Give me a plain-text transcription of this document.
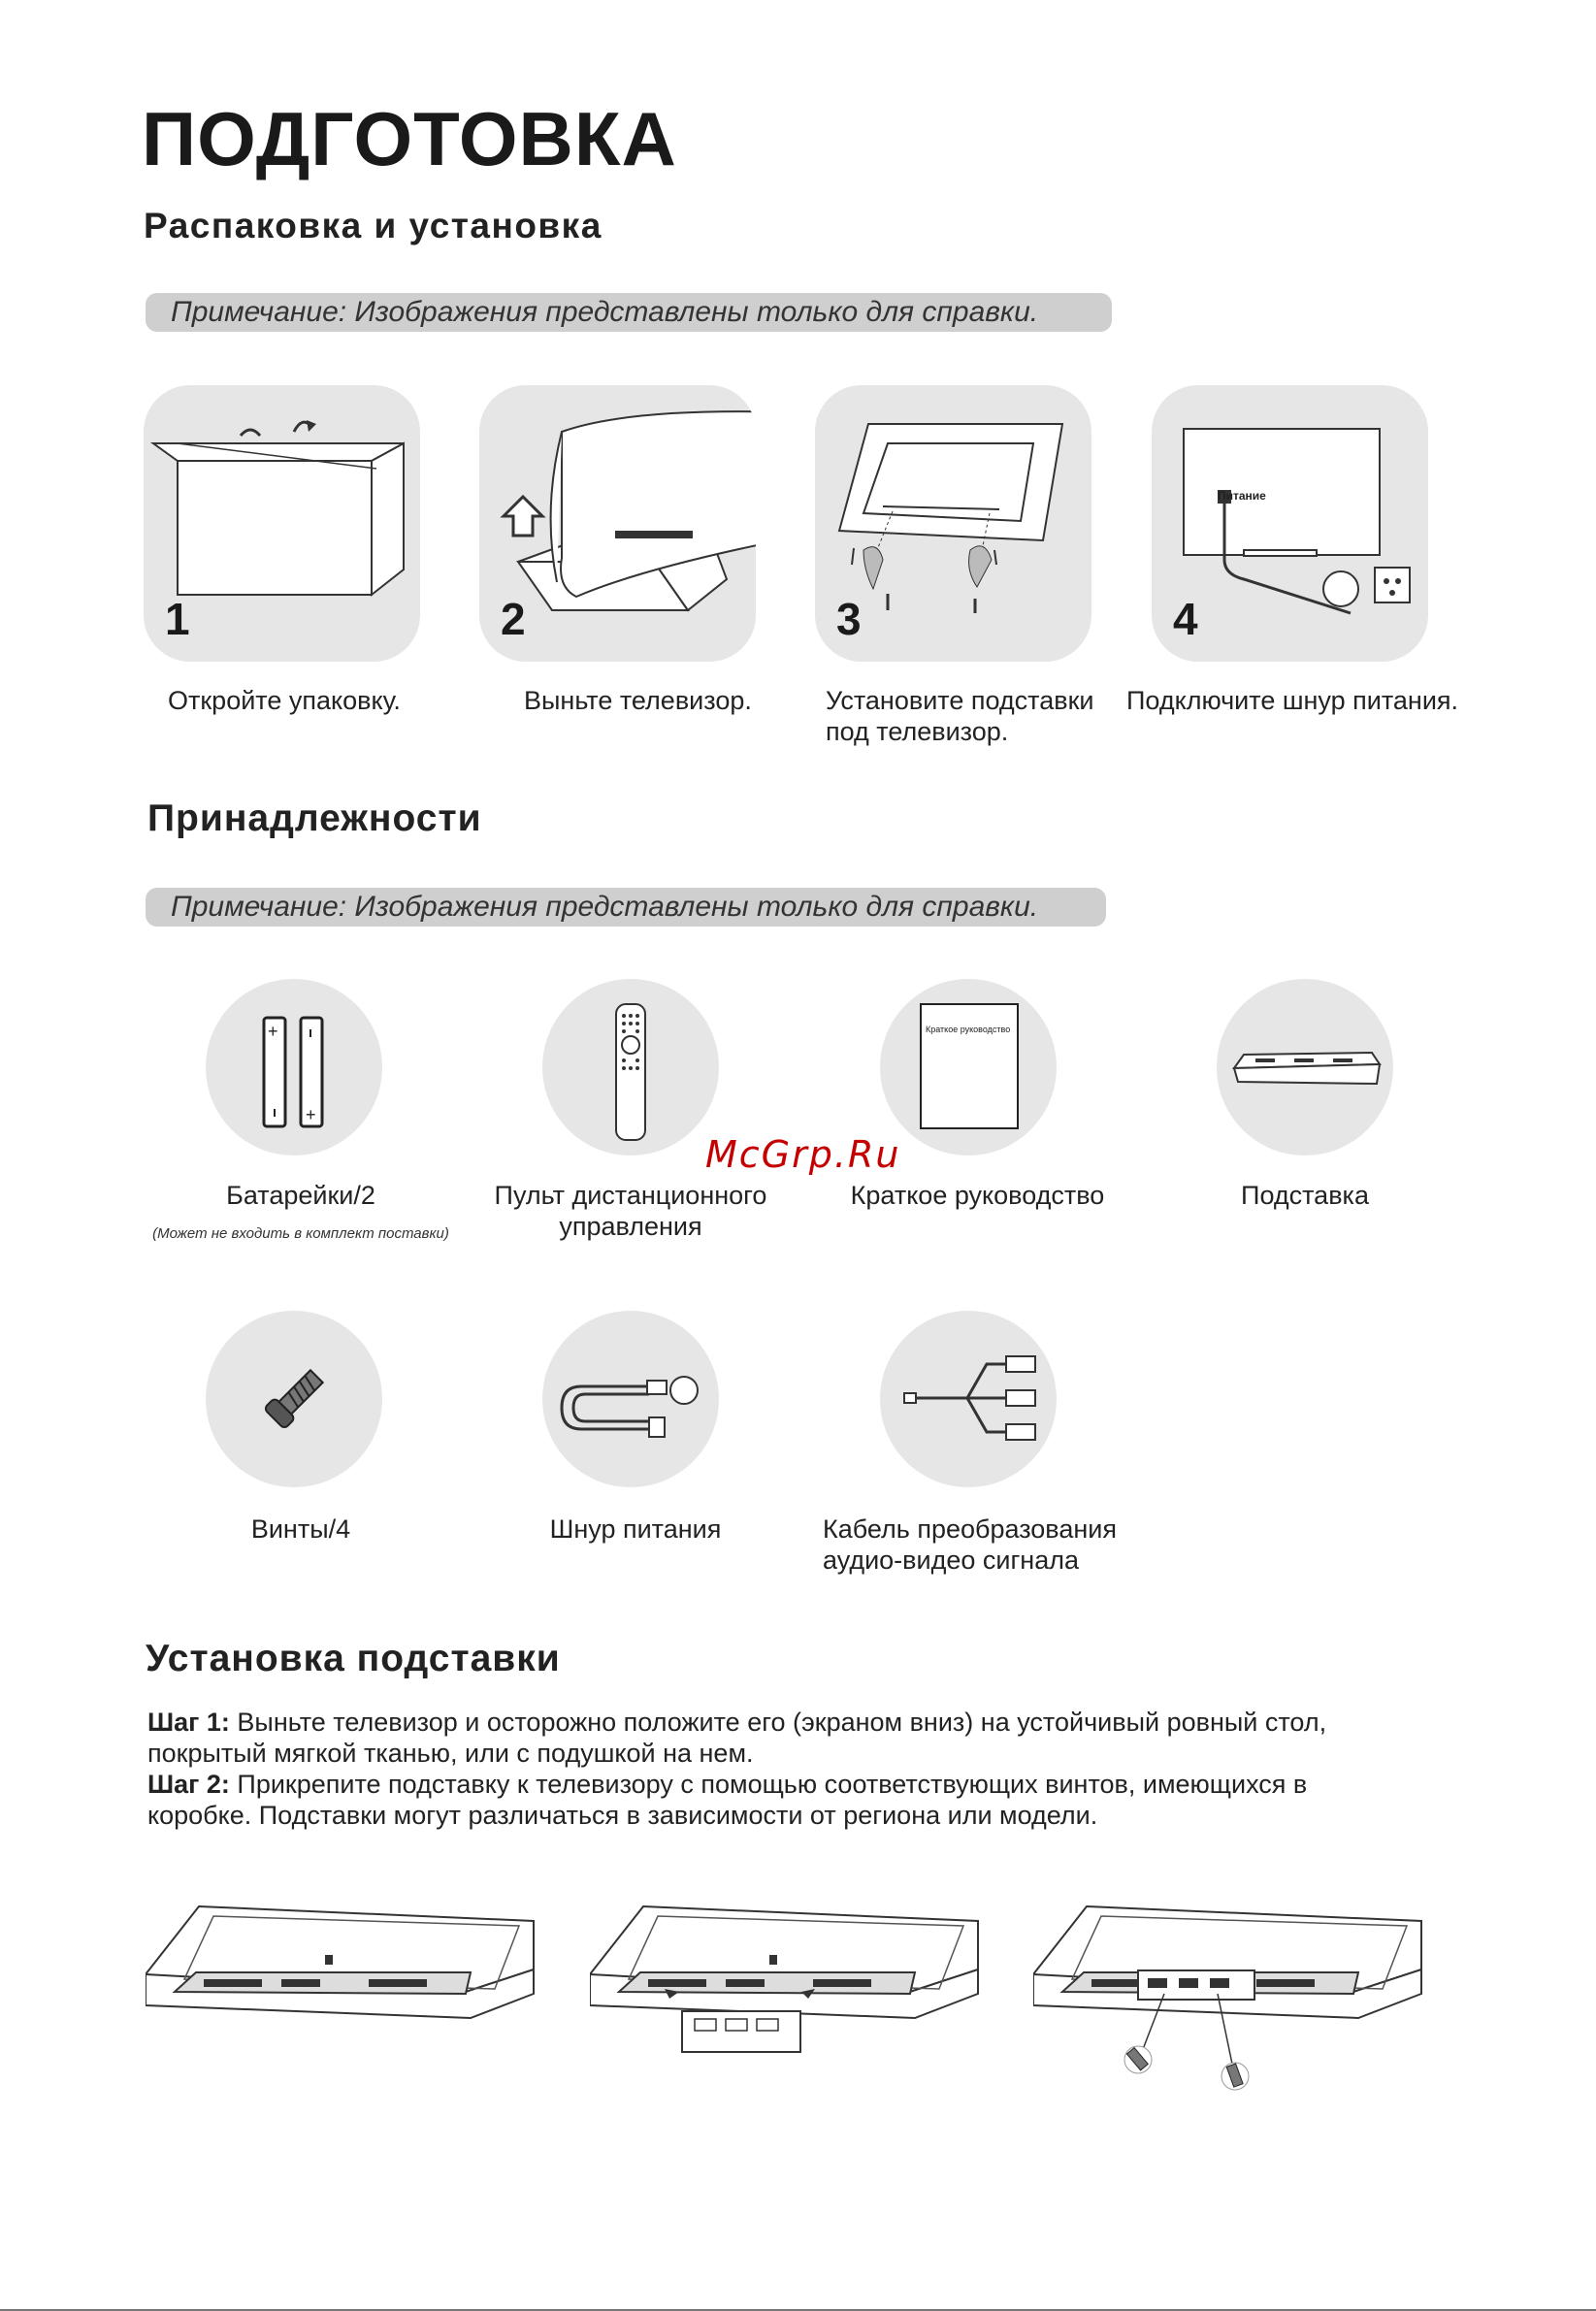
ПОДГОТОВКА
Распаковка и установка
Примечание: Изображения представлены только для справки.
1	2	3
Питание
4
Откройте упаковку.	Выньте телевизор.	Установите подставки
под телевизор.
Подключите шнур питания.
Принадлежности
Примечание: Изображения представлены только для справки.
+
+
Краткое руководство
Батарейки/2
(Может не входить в комплект поставки)
Пульт дистанционного
управления
Краткое руководство	Подставка
McGrp.Ru
Винты/4	Шнур питания	Кабель преобразования
аудио-видео сигнала
Установка подставки
Шаг 1: Выньте телевизор и осторожно положите его (экраном вниз) на устойчивый ровный стол,
покрытый мягкой тканью, или с подушкой на нем.
Шаг 2: Прикрепите подставку к телевизору с помощью соответствующих винтов, имеющихся в
коробке. Подставки могут различаться в зависимости от региона или модели.
